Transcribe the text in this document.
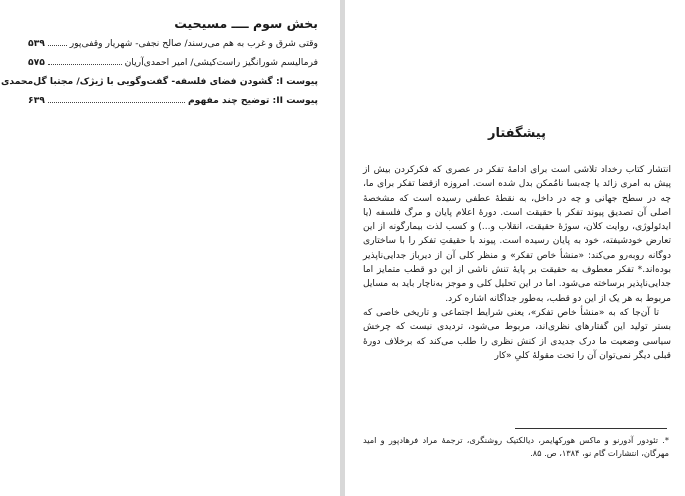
بخش سوم ــــ مسیحیت
وقتی شرق و غرب به هم می‌رسند/ صالح نجفی- شهریار وقفی‌پور
۵۳۹
فرمالیسم شورانگیز راست‌کیشی/ امیر احمدی‌آریان
۵۷۵
پیوست I: گشودن فضای فلسفه- گفت‌وگویی با ژیژک/ مجتبا گل‌محمدی
پیوست II: توضیح چند مفهوم
۶۳۹
پیشگفتار

انتشار کتاب رخداد تلاشی است برای ادامهٔ تفکر در عصری که فکرکردن بیش از پیش به امری زائد یا چه‌بسا نامُمکن بدل شده است. امروزه ازقضا تفکر برای ما، چه در سطح جهانی و چه در داخل، به نقطهٔ عطفی رسیده است که مشخصهٔ اصلی آن تصدیق پیوند تفکر با حقیقت است. دورهٔ اعلام پایان و مرگ فلسفه (یا ایدئولوژی، روایت کلان، سوژهٔ حقیقت، انقلاب و...) و کسب لذت بیمارگونه از این تعارض خودشیفته، خود به پایان رسیده است. پیوند با حقیقتِ تفکر را با ساختاری دوگانه روبه‌رو می‌کند: «منشأ خاص تفکر» و منظر کلی آن از دیرباز جدایی‌ناپذیر بوده‌اند.* تفکر معطوف به حقیقت بر پایهٔ تنش ناشی از این دو قطب متمایز اما جدایی‌ناپذیر برساخته می‌شود. اما در این تحلیل کلی و موجز به‌ناچار باید به مسایل مربوط به هر یک از این دو قطب، به‌طور جداگانه اشاره کرد.

تا آن‌جا که به «منشأ خاص تفکر»، یعنی شرایط اجتماعی و تاریخی خاصی که بستر تولید این گفتارهای نظری‌اند، مربوط می‌شود، تردیدی نیست که چرخش سیاسی وضعیت ما درک جدیدی از کنش نظری را طلب می‌کند که برخلاف دورهٔ قبلی دیگر نمی‌توان آن را تحت مقولهٔ کلیِ «کار

*. تئودور آدورنو و ماکس هورکهایمر، دیالکتیک روشنگری، ترجمهٔ مراد فرهادپور و امید مهرگان، انتشارات گام نو، ۱۳۸۴، ص. ۸۵.
